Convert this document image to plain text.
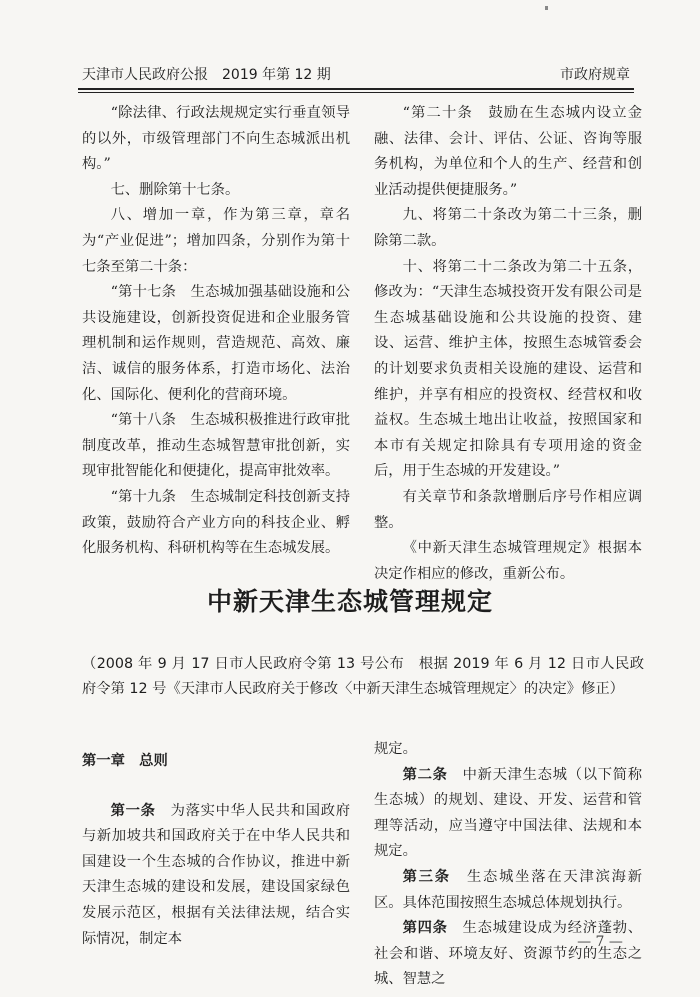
天津市人民政府公报　2019 年第 12 期	市政府规章

“除法律、行政法规规定实行垂直领导的以外，市级管理部门不向生态城派出机构。”

七、删除第十七条。

八、增加一章，作为第三章，章名为“产业促进”；增加四条，分别作为第十七条至第二十条：

“第十七条　生态城加强基础设施和公共设施建设，创新投资促进和企业服务管理机制和运作规则，营造规范、高效、廉洁、诚信的服务体系，打造市场化、法治化、国际化、便利化的营商环境。

“第十八条　生态城积极推进行政审批制度改革，推动生态城智慧审批创新，实现审批智能化和便捷化，提高审批效率。

“第十九条　生态城制定科技创新支持政策，鼓励符合产业方向的科技企业、孵化服务机构、科研机构等在生态城发展。

“第二十条　鼓励在生态城内设立金融、法律、会计、评估、公证、咨询等服务机构，为单位和个人的生产、经营和创业活动提供便捷服务。”

九、将第二十条改为第二十三条，删除第二款。

十、将第二十二条改为第二十五条，修改为：“天津生态城投资开发有限公司是生态城基础设施和公共设施的投资、建设、运营、维护主体，按照生态城管委会的计划要求负责相关设施的建设、运营和维护，并享有相应的投资权、经营权和收益权。生态城土地出让收益，按照国家和本市有关规定扣除具有专项用途的资金后，用于生态城的开发建设。”

有关章节和条款增删后序号作相应调整。

《中新天津生态城管理规定》根据本决定作相应的修改，重新公布。

中新天津生态城管理规定
（2008 年 9 月 17 日市人民政府令第 13 号公布　根据 2019 年 6 月 12 日市人民政府令第 12 号《天津市人民政府关于修改〈中新天津生态城管理规定〉的决定》修正）

第一章　总则

第一条　 为落实中华人民共和国政府与新加坡共和国政府关于在中华人民共和国建设一个生态城的合作协议，推进中新天津生态城的建设和发展，建设国家绿色发展示范区，根据有关法律法规，结合实际情况，制定本

规定。

第二条　 中新天津生态城（以下简称生态城）的规划、建设、开发、运营和管理等活动，应当遵守中国法律、法规和本规定。

第三条　 生态城坐落在天津滨海新区。具体范围按照生态城总体规划执行。

第四条　 生态城建设成为经济蓬勃、社会和谐、环境友好、资源节约的生态之城、智慧之

— 7 —
